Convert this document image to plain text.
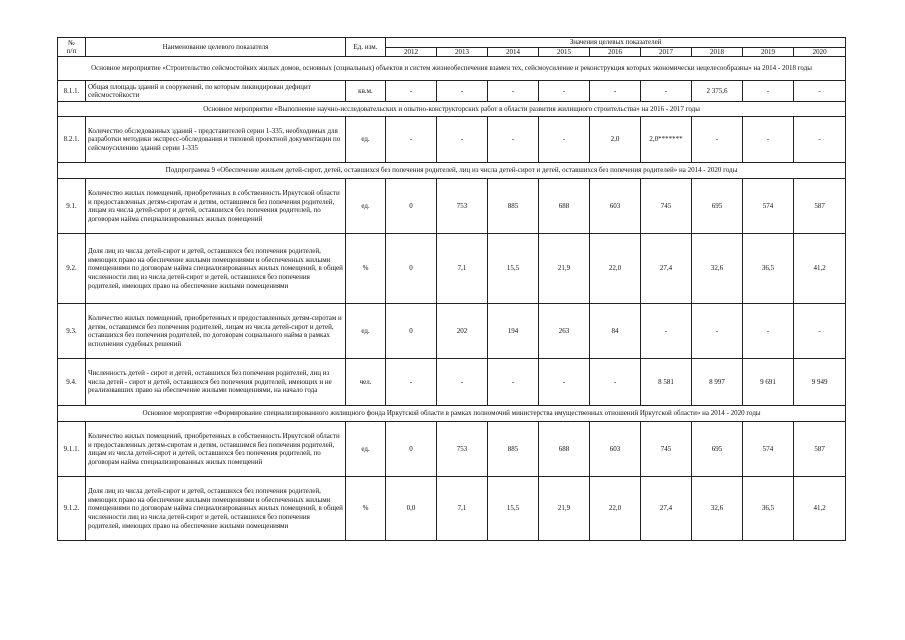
№
п/п	Наименование целевого показателя	Ед. изм.	Значения целевых показателей								
			2012	2013	2014	2015	2016	2017	2018	2019	2020
Основное мероприятие «Строительство сейсмостойких жилых домов, основных (социальных) объектов и систем жизнеобеспечения взамен тех, сейсмоусиление и реконструкция которых экономически нецелесообразны» на 2014 - 2018 годы											
8.1.1.	Общая площадь зданий и сооружений, по которым ликвидирован дефицит сейсмостойкости	кв.м.	-	-	-	-	-	-	2 375,6	-	-
Основное мероприятие «Выполнение научно-исследовательских и опытно-конструкторских работ в области развития жилищного строительства» на 2016 - 2017 годы											
8.2.1.	Количество обследованных зданий - представителей серии 1-335, необходимых для разработки методики экспресс-обследования и типовой проектной документации по сейсмоусилению зданий серии 1-335	ед.	-	-	-	-	2,0	2,0*******	-	-	-
Подпрограмма 9 «Обеспечение жильем детей-сирот, детей, оставшихся без попечения родителей, лиц из числа детей-сирот и детей, оставшихся без попечения родителей» на 2014 - 2020 годы											
9.1.	Количество жилых помещений, приобретенных в собственность Иркутской области и предоставленных детям-сиротам и детям, оставшимся без попечения родителей, лицам из числа детей-сирот и детей, оставшихся без попечения родителей, по договорам найма специализированных жилых помещений	ед.	0	753	885	688	603	745	695	574	587
9.2.	Доля лиц из числа детей-сирот и детей, оставшихся без попечения родителей, имеющих право на обеспечение жилыми помещениями и обеспеченных жилыми помещениями по договорам найма специализированных жилых помещений, в общей численности лиц из числа детей-сирот и детей, оставшихся без попечения родителей, имеющих право на обеспечение жилыми помещениями	%	0	7,1	15,5	21,9	22,0	27,4	32,6	36,5	41,2
9.3.	Количество жилых помещений, приобретенных и предоставленных детям-сиротам и детям, оставшимся без попечения родителей, лицам из числа детей-сирот и детей, оставшихся без попечения родителей, по договорам социального найма в рамках исполнения судебных решений	ед.	0	202	194	263	84	-	-	-	-
9.4.	Численность детей - сирот и детей, оставшихся без попечения родителей, лиц из числа детей - сирот и детей, оставшихся без попечения родителей, имеющих и не реализовавших право на обеспечение жилыми помещениями, на начало года	чел.	-	-	-	-	-	8 581	8 997	9 691	9 949
Основное мероприятие «Формирование специализированного жилищного фонда Иркутской области в рамках полномочий министерства имущественных отношений Иркутской области» на 2014 - 2020 годы											
9.1.1.	Количество жилых помещений, приобретенных в собственность Иркутской области и предоставленных детям-сиротам и детям, оставшимся без попечения родителей, лицам из числа детей-сирот и детей, оставшихся без попечения родителей, по договорам найма специализированных жилых помещений	ед.	0	753	885	688	603	745	695	574	587
9.1.2.	Доля лиц из числа детей-сирот и детей, оставшихся без попечения родителей, имеющих право на обеспечение жилыми помещениями и обеспеченных жилыми помещениями по договорам найма специализированных жилых помещений, в общей численности лиц из числа детей-сирот и детей, оставшихся без попечения родителей, имеющих право на обеспечение жилыми помещениями	%	0,0	7,1	15,5	21,9	22,0	27,4	32,6	36,5	41,2
